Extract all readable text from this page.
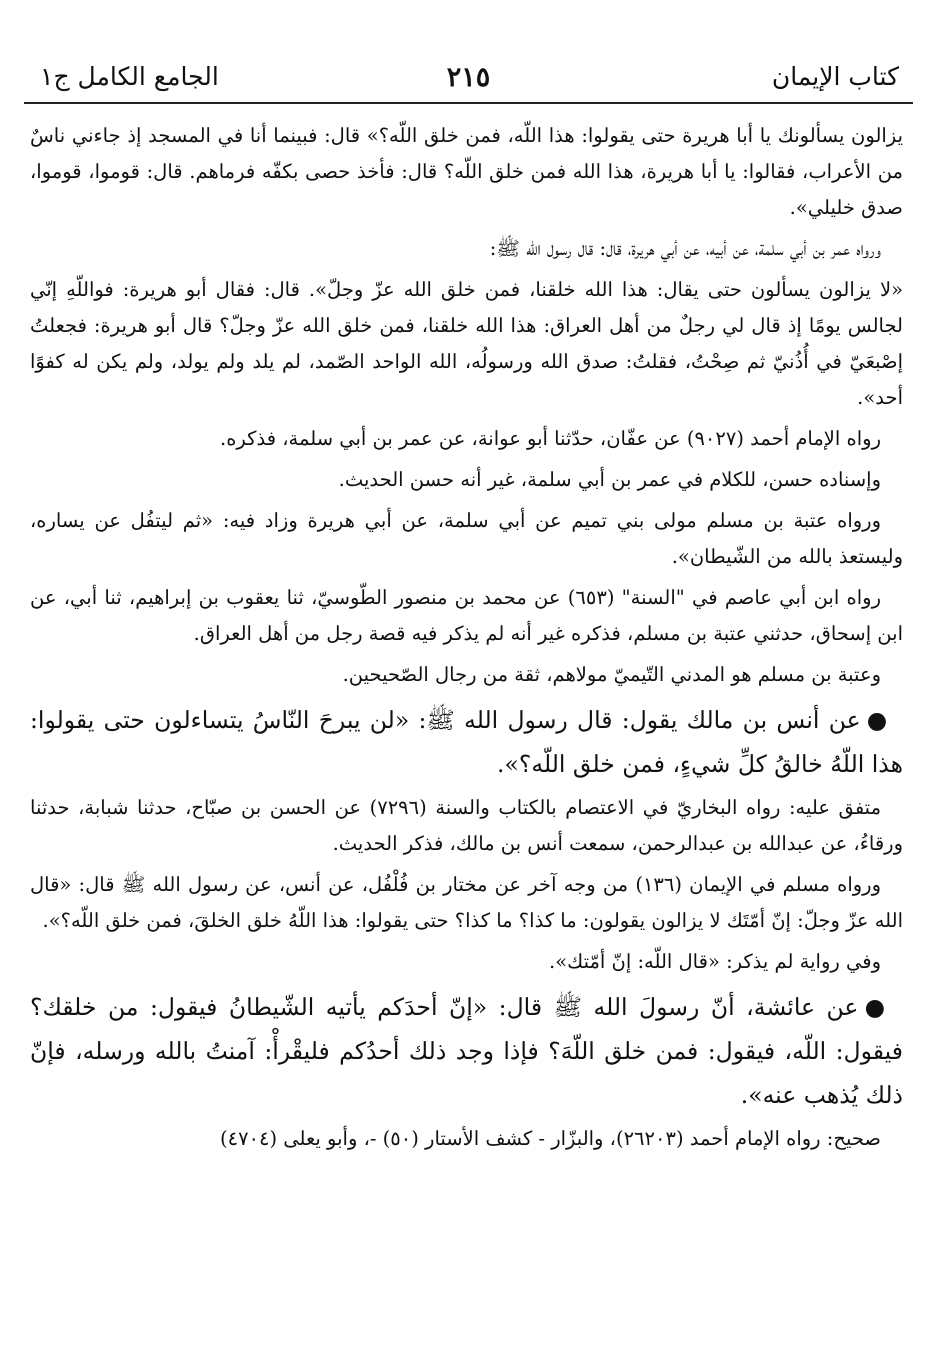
كتاب الإيمان
٢١٥
الجامع الكامل ج١

يزالون يسألونك يا أبا هريرة حتى يقولوا: هذا اللّه، فمن خلق اللّه؟» قال: فبينما أنا في المسجد إذ جاءني ناسٌ من الأعراب، فقالوا: يا أبا هريرة، هذا الله فمن خلق اللّه؟ قال: فأخذ حصى بكفّه فرماهم. قال: قوموا، قوموا، صدق خليلي».

ورواه عمر بن أبي سلمة، عن أبيه، عن أبي هريرة، قال: قال رسول الله ﷺ:

«لا يزالون يسألون حتى يقال: هذا الله خلقنا، فمن خلق الله عزّ وجلّ». قال: فقال أبو هريرة: فواللّهِ إنّي لجالس يومًا إذ قال لي رجلٌ من أهل العراق: هذا الله خلقنا، فمن خلق الله عزّ وجلّ؟ قال أبو هريرة: فجعلتُ إصْبعَيّ في أُذُنيّ ثم صِحْتُ، فقلتُ: صدق الله ورسولُه، الله الواحد الصّمد، لم يلد ولم يولد، ولم يكن له كفوًا أحد».

رواه الإمام أحمد (٩٠٢٧) عن عفّان، حدّثنا أبو عوانة، عن عمر بن أبي سلمة، فذكره.

وإسناده حسن، للكلام في عمر بن أبي سلمة، غير أنه حسن الحديث.

ورواه عتبة بن مسلم مولى بني تميم عن أبي سلمة، عن أبي هريرة وزاد فيه: «ثم ليتفُل عن يساره، وليستعذ بالله من الشّيطان».

رواه ابن أبي عاصم في "السنة" (٦٥٣) عن محمد بن منصور الطّوسيّ، ثنا يعقوب بن إبراهيم، ثنا أبي، عن ابن إسحاق، حدثني عتبة بن مسلم، فذكره غير أنه لم يذكر فيه قصة رجل من أهل العراق.

وعتبة بن مسلم هو المدني التّيميّ مولاهم، ثقة من رجال الصّحيحين.

●عن أنس بن مالك يقول: قال رسول الله ﷺ: «لن يبرحَ النّاسُ يتساءلون حتى يقولوا: هذا اللّهُ خالقُ كلِّ شيءٍ، فمن خلق اللّه؟».

متفق عليه: رواه البخاريّ في الاعتصام بالكتاب والسنة (٧٢٩٦) عن الحسن بن صبّاح، حدثنا شبابة، حدثنا ورقاءُ، عن عبدالله بن عبدالرحمن، سمعت أنس بن مالك، فذكر الحديث.

ورواه مسلم في الإيمان (١٣٦) من وجه آخر عن مختار بن فُلْفُل، عن أنس، عن رسول الله ﷺ قال: «قال الله عزّ وجلّ: إنّ أمّتَك لا يزالون يقولون: ما كذا؟ ما كذا؟ حتى يقولوا: هذا اللّهُ خلق الخلقَ، فمن خلق اللّه؟».

وفي رواية لم يذكر: «قال اللّه: إنّ أمّتك».

●عن عائشة، أنّ رسولَ الله ﷺ قال: «إنّ أحدَكم يأتيه الشّيطانُ فيقول: من خلقك؟ فيقول: اللّه، فيقول: فمن خلق اللّهَ؟ فإذا وجد ذلك أحدُكم فليقْرأْ: آمنتُ بالله ورسله، فإنّ ذلك يُذهب عنه».

صحيح: رواه الإمام أحمد (٢٦٢٠٣)، والبزّار - كشف الأستار (٥٠) -، وأبو يعلى (٤٧٠٤)
